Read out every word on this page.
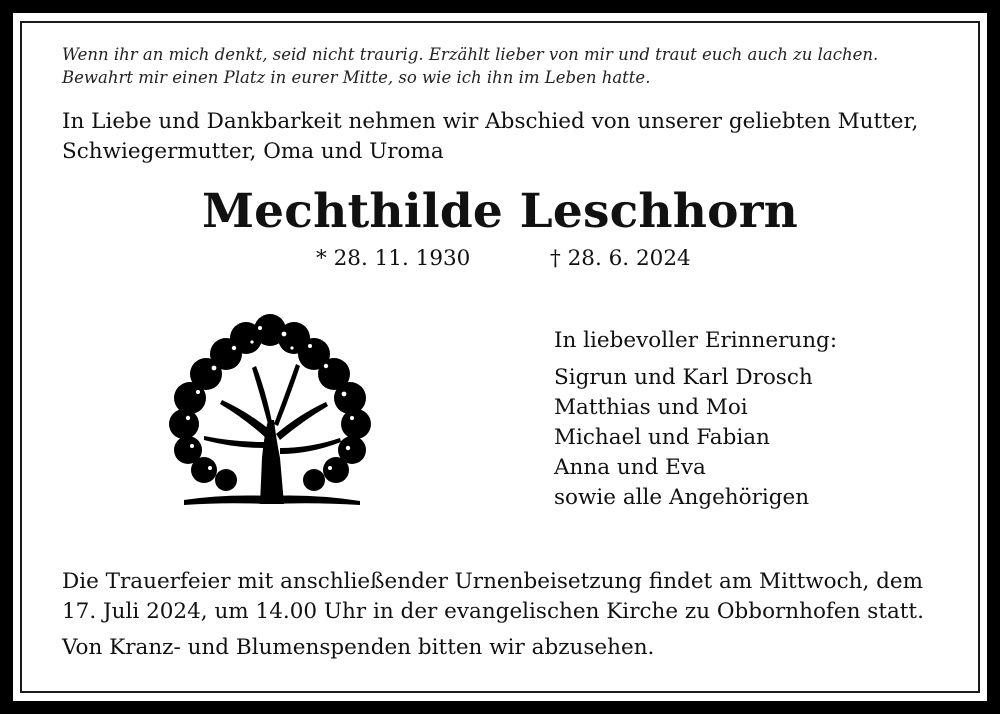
Wenn ihr an mich denkt, seid nicht traurig. Erzählt lieber von mir und traut euch auch zu lachen.
Bewahrt mir einen Platz in eurer Mitte, so wie ich ihn im Leben hatte.
In Liebe und Dankbarkeit nehmen wir Abschied von unserer geliebten Mutter,
Schwiegermutter, Oma und Uroma
Mechthilde Leschhorn
* 28. 11. 1930	† 28. 6. 2024
In liebevoller Erinnerung:
Sigrun und Karl Drosch
Matthias und Moi
Michael und Fabian
Anna und Eva
sowie alle Angehörigen
Die Trauerfeier mit anschließender Urnenbeisetzung findet am Mittwoch, dem
17. Juli 2024, um 14.00 Uhr in der evangelischen Kirche zu Obbornhofen statt.
Von Kranz- und Blumenspenden bitten wir abzusehen.
